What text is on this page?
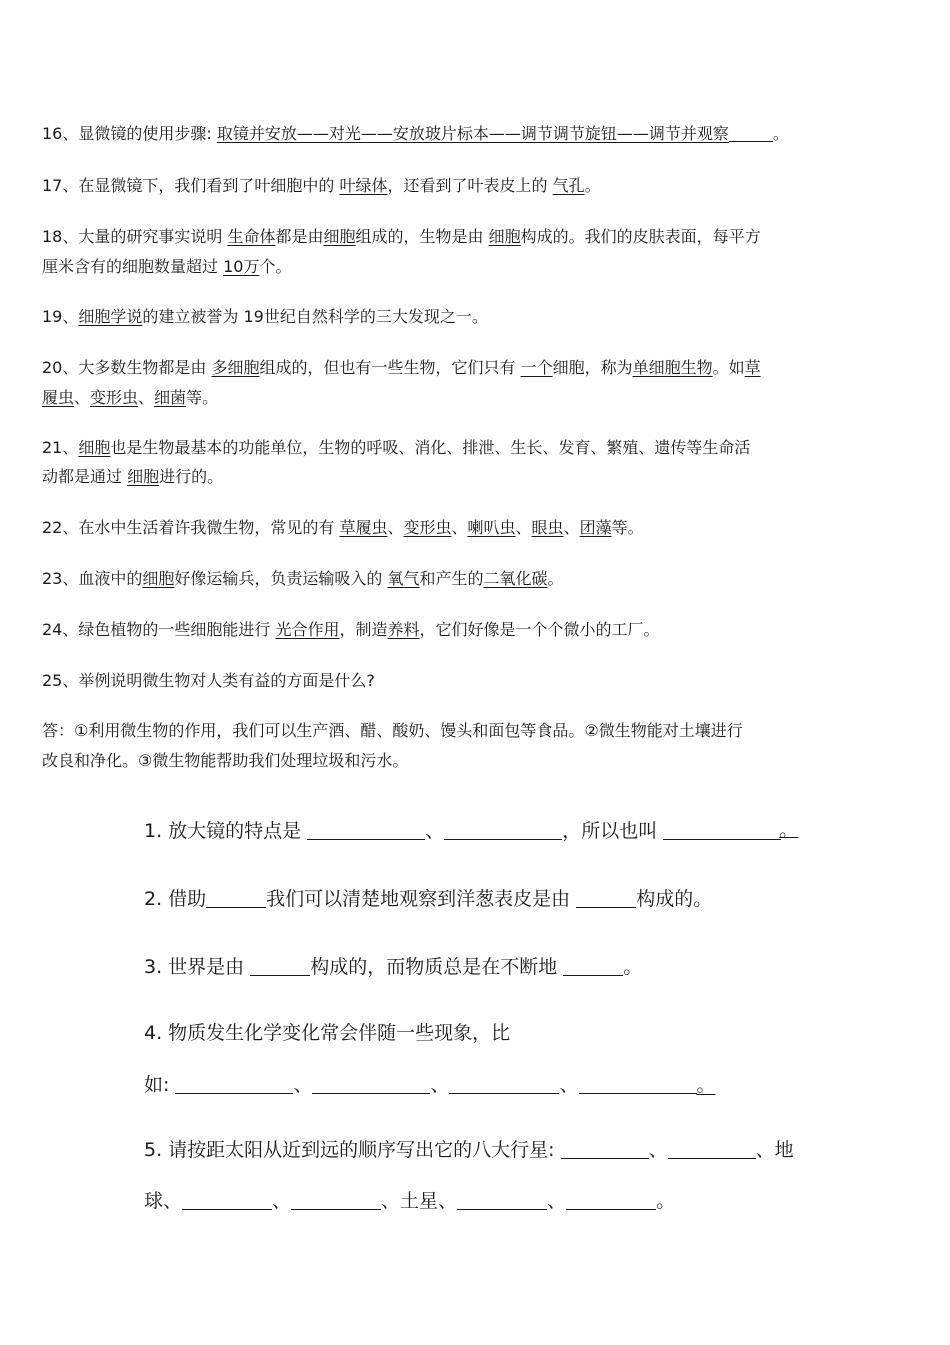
16、显微镜的使用步骤: 取镜并安放——对光——安放玻片标本——调节调节旋钮——调节并观察	。
17、在显微镜下，我们看到了叶细胞中的 叶绿体，还看到了叶表皮上的 气孔。
18、大量的研究事实说明 生命体都是由细胞组成的，生物是由 细胞构成的。我们的皮肤表面，每平方
厘米含有的细胞数量超过 10万个。
19、细胞学说的建立被誉为 19世纪自然科学的三大发现之一。
20、大多数生物都是由 多细胞组成的，但也有一些生物，它们只有 一个细胞，称为单细胞生物。如草
履虫、变形虫、细菌等。
21、细胞也是生物最基本的功能单位，生物的呼吸、消化、排泄、生长、发育、繁殖、遗传等生命活
动都是通过 细胞进行的。
22、在水中生活着许我微生物，常见的有 草履虫、变形虫、喇叭虫、眼虫、团藻等。
23、血液中的细胞好像运输兵，负责运输吸入的 氧气和产生的二氧化碳。
24、绿色植物的一些细胞能进行 光合作用，制造养料，它们好像是一个个微小的工厂。
25、举例说明微生物对人类有益的方面是什么?
答：①利用微生物的作用，我们可以生产酒、醋、酸奶、馒头和面包等食品。②微生物能对土壤进行
改良和净化。③微生物能帮助我们处理垃圾和污水。
1. 放大镜的特点是	、	，所以也叫	。
2. 借助	我们可以清楚地观察到洋葱表皮是由	构成的。
3. 世界是由	构成的，而物质总是在不断地	。
4. 物质发生化学变化常会伴随一些现象，比
如:	、	、	、	。
5. 请按距太阳从近到远的顺序写出它的八大行星:	、	、地
球、	、	、土星、	、	。
